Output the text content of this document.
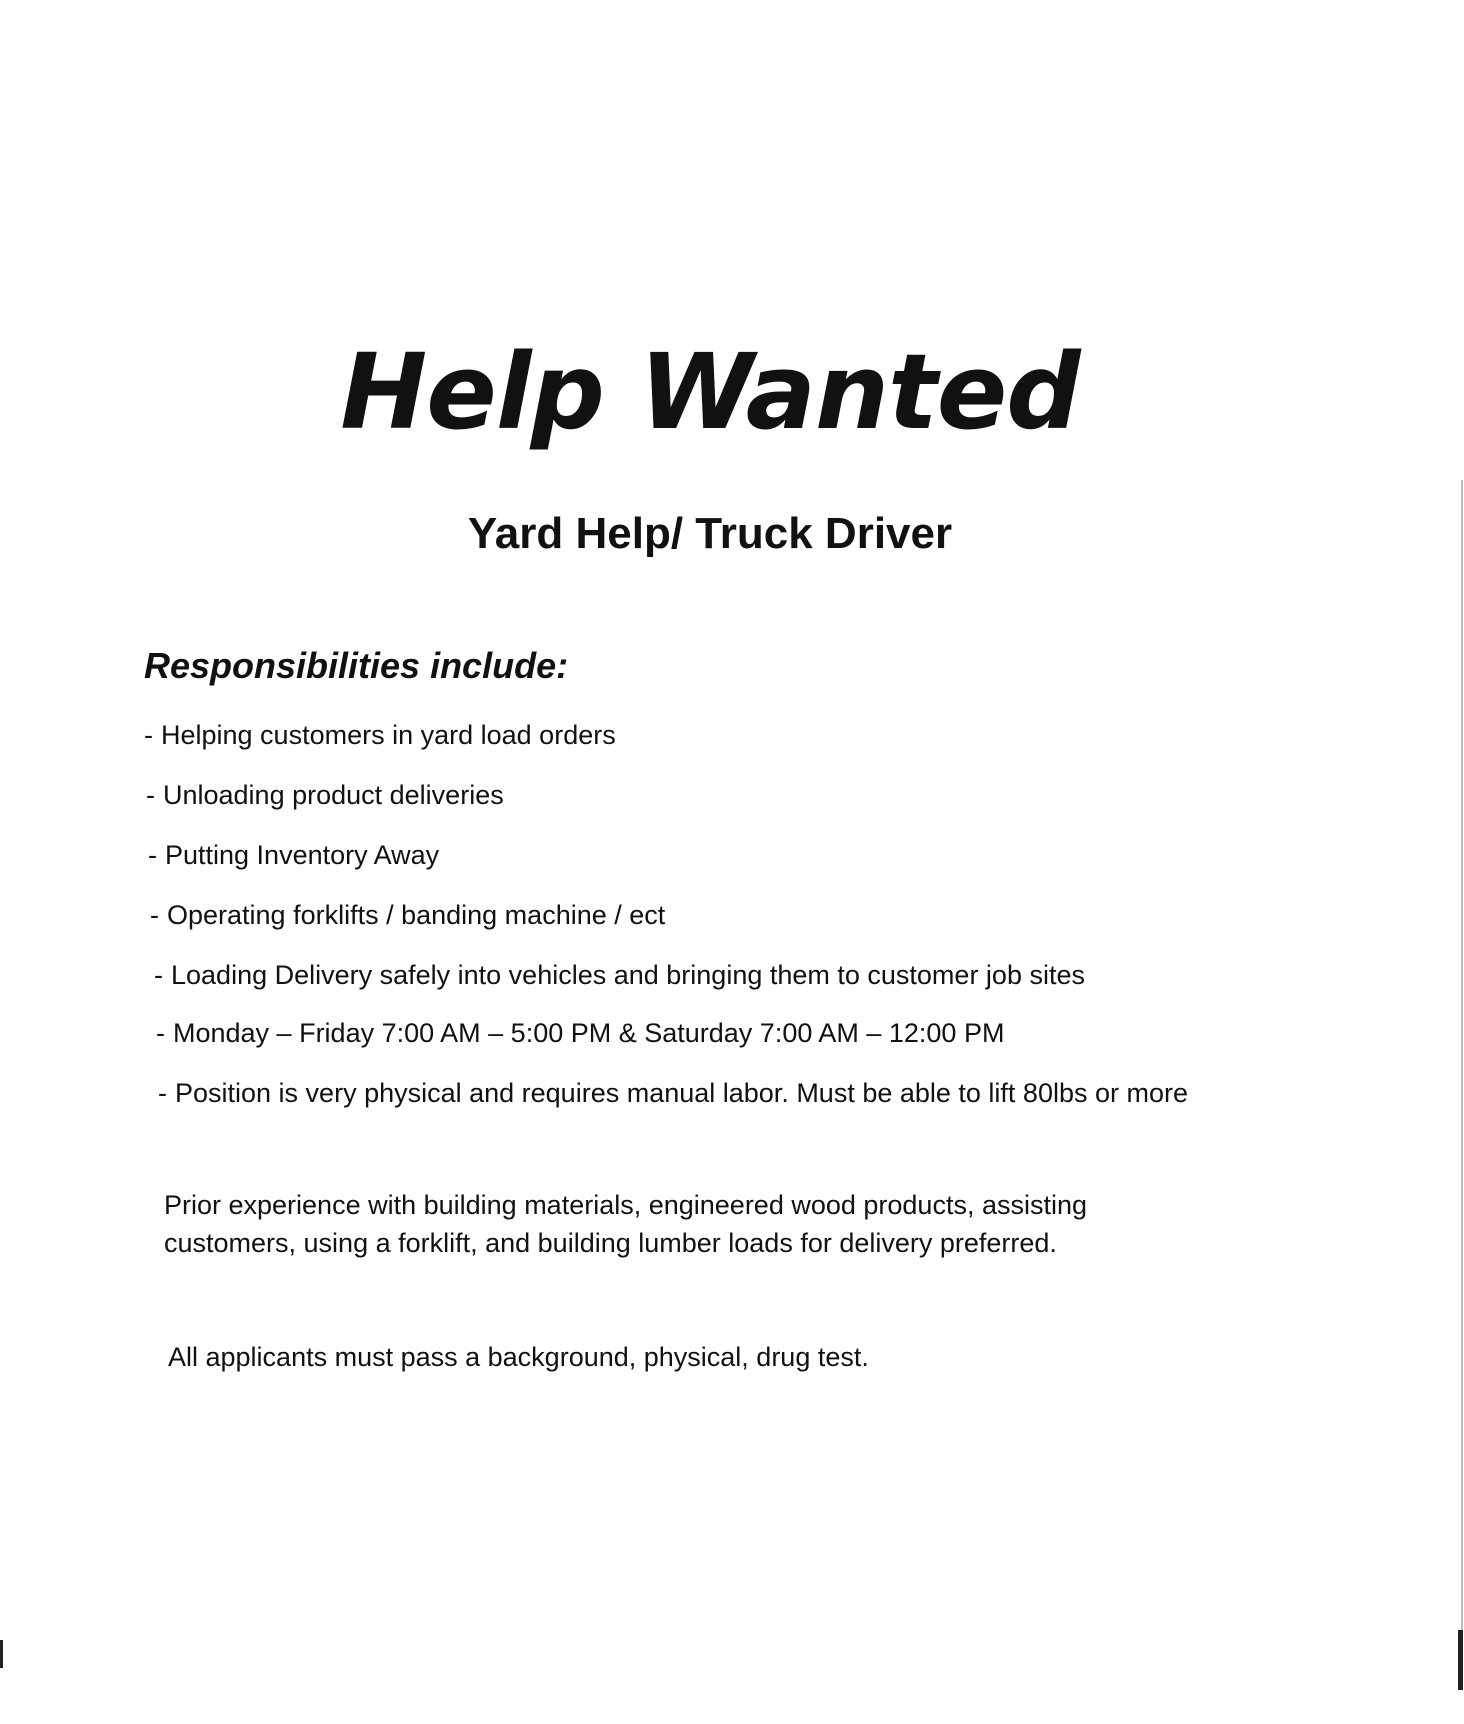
Help Wanted
Yard Help/ Truck Driver
Responsibilities include:
- Helping customers in yard load orders
- Unloading product deliveries
- Putting Inventory Away
- Operating forklifts / banding machine / ect
- Loading Delivery safely into vehicles and bringing them to customer job sites
- Monday – Friday 7:00 AM – 5:00 PM & Saturday 7:00 AM – 12:00 PM
- Position is very physical and requires manual labor. Must be able to lift 80lbs or more

Prior experience with building materials, engineered wood products, assisting customers, using a forklift, and building lumber loads for delivery preferred.

All applicants must pass a background, physical, drug test.
